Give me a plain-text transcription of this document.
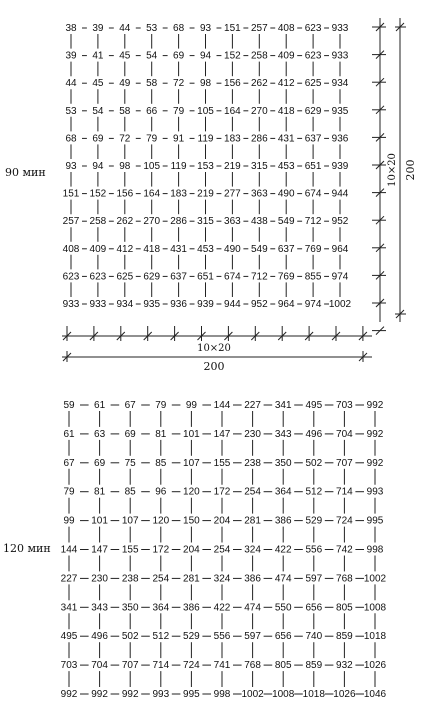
38 39 44 53 68 93 151 257 408 623 933
39 41 45 54 69 94 152 258 409 623 933
44 45 49 58 72 98 156 262 412 625 934
53 54 58 66 79 105 164 270 418 629 935
68 69 72 79 91 119 183 286 431 637 936
93 94 98 105 119 153 219 315 453 651 939
151 152 156 164 183 219 277 363 490 674 944
257 258 262 270 286 315 363 438 549 712 952
408 409 412 418 431 453 490 549 637 769 964
623 623 625 629 637 651 674 712 769 855 974
933 933 934 935 936 939 944 952 964 974 1002
10×20
200
10×20 200
59 61 67 79 99 144 227 341 495 703 992
61 63 69 81 101 147 230 343 496 704 992
67 69 75 85 107 155 238 350 502 707 992
79 81 85 96 120 172 254 364 512 714 993
99 101 107 120 150 204 281 386 529 724 995
144 147 155 172 204 254 324 422 556 742 998
227 230 238 254 281 324 386 474 597 768 1002
341 343 350 364 386 422 474 550 656 805 1008
495 496 502 512 529 556 597 656 740 859 1018
703 704 707 714 724 741 768 805 859 932 1026
992 992 992 993 995 998 1002 1008 1018 1026 1046
90 мин
120 мин
